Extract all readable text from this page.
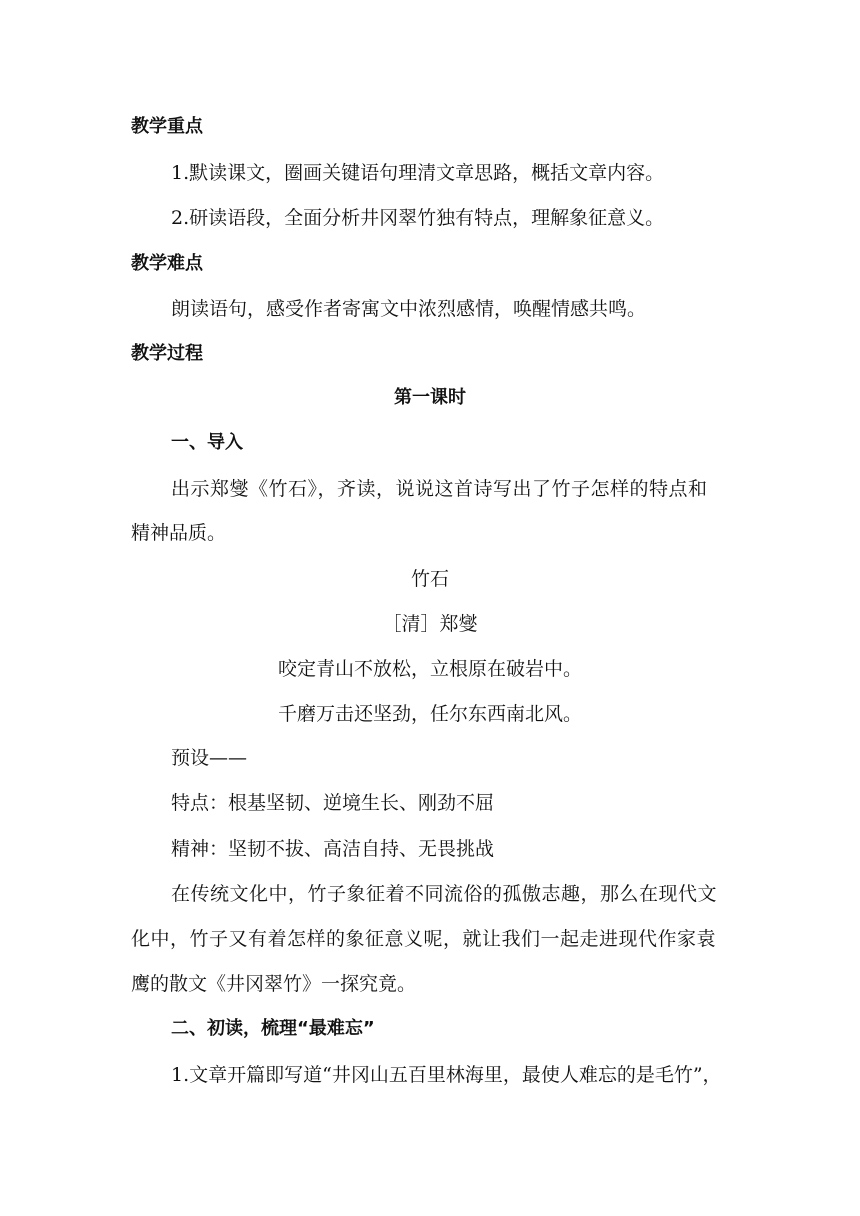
教学重点
1.默读课文，圈画关键语句理清文章思路，概括文章内容。
2.研读语段，全面分析井冈翠竹独有特点，理解象征意义。
教学难点
朗读语句，感受作者寄寓文中浓烈感情，唤醒情感共鸣。
教学过程
第一课时
一、导入
出示郑燮《竹石》，齐读，说说这首诗写出了竹子怎样的特点和
精神品质。
竹石
［清］郑燮
咬定青山不放松，立根原在破岩中。
千磨万击还坚劲，任尔东西南北风。
预设——
特点：根基坚韧、逆境生长、刚劲不屈
精神：坚韧不拔、高洁自持、无畏挑战
在传统文化中，竹子象征着不同流俗的孤傲志趣，那么在现代文
化中，竹子又有着怎样的象征意义呢，就让我们一起走进现代作家袁
鹰的散文《井冈翠竹》一探究竟。
二、初读，梳理“最难忘”
1.文章开篇即写道“井冈山五百里林海里，最使人难忘的是毛竹”，
